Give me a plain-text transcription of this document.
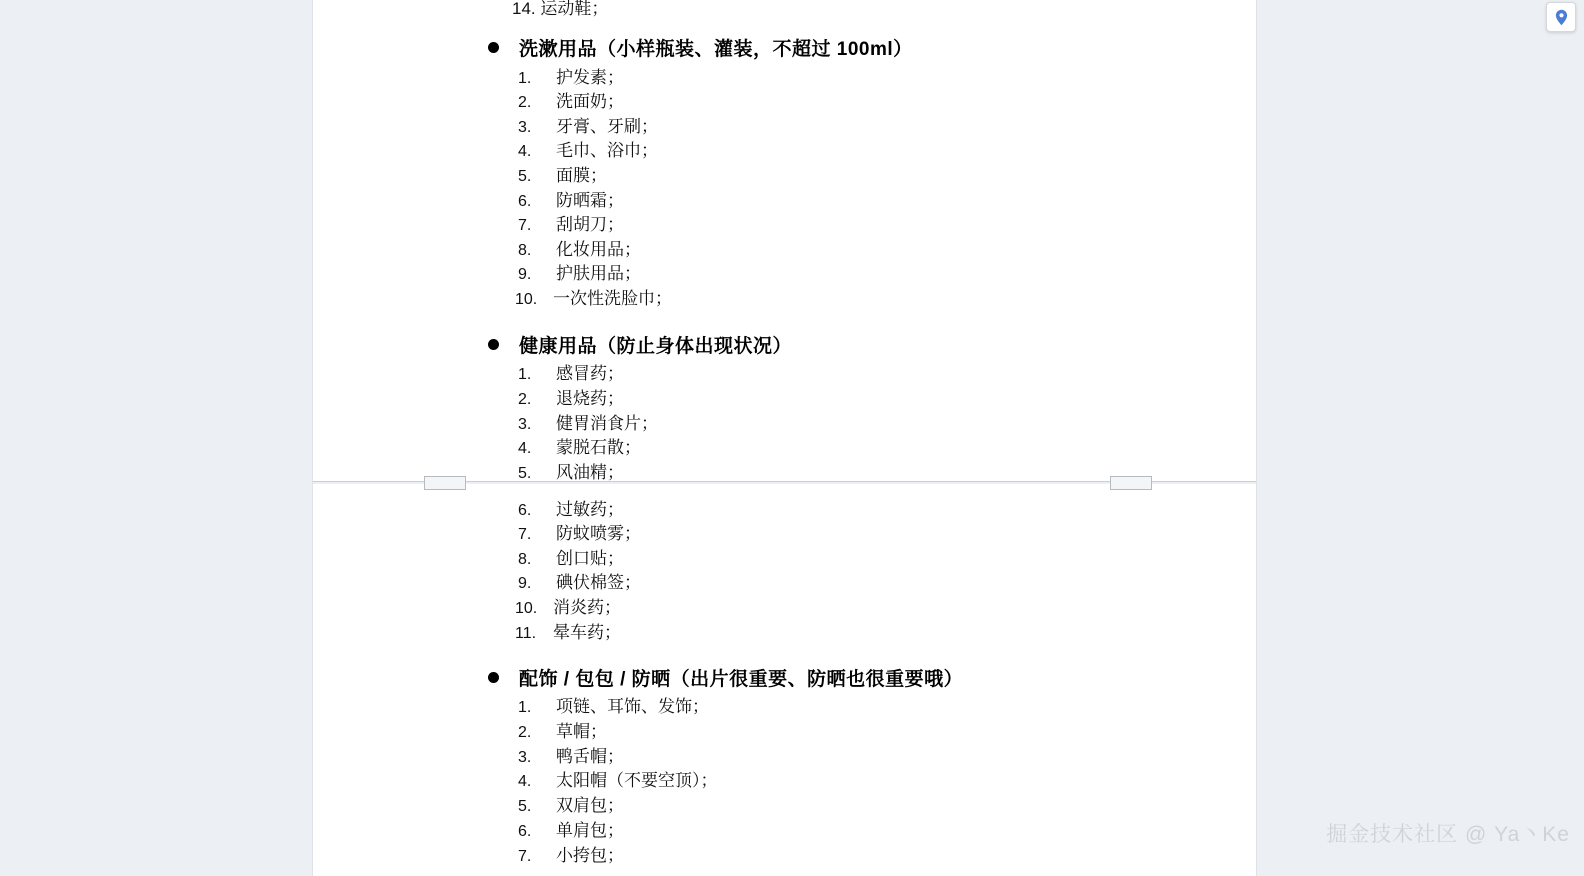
洗漱用品（小样瓶装、灌装，不超过 100ml）
1.	护发素；
2.	洗面奶；
3.	牙膏、牙刷；
4.	毛巾、浴巾；
5.	面膜；
6.	防晒霜；
7.	刮胡刀；
8.	化妆用品；
9.	护肤用品；
10. 一次性洗脸巾；
健康用品（防止身体出现状况）
1.	感冒药；
2.	退烧药；
3.	健胃消食片；
4.	蒙脱石散；
5.	风油精；
6.	过敏药；
7.	防蚊喷雾；
8.	创口贴；
9.	碘伏棉签；
10. 消炎药；
11. 晕车药；
配饰 / 包包 / 防晒（出片很重要、防晒也很重要哦）
1.	项链、耳饰、发饰；
2.	草帽；
3.	鸭舌帽；
4.	太阳帽（不要空顶）；
5.	双肩包；
6.	单肩包；
7.	小挎包；
掘金技术社区 @ Ya丶Ke
